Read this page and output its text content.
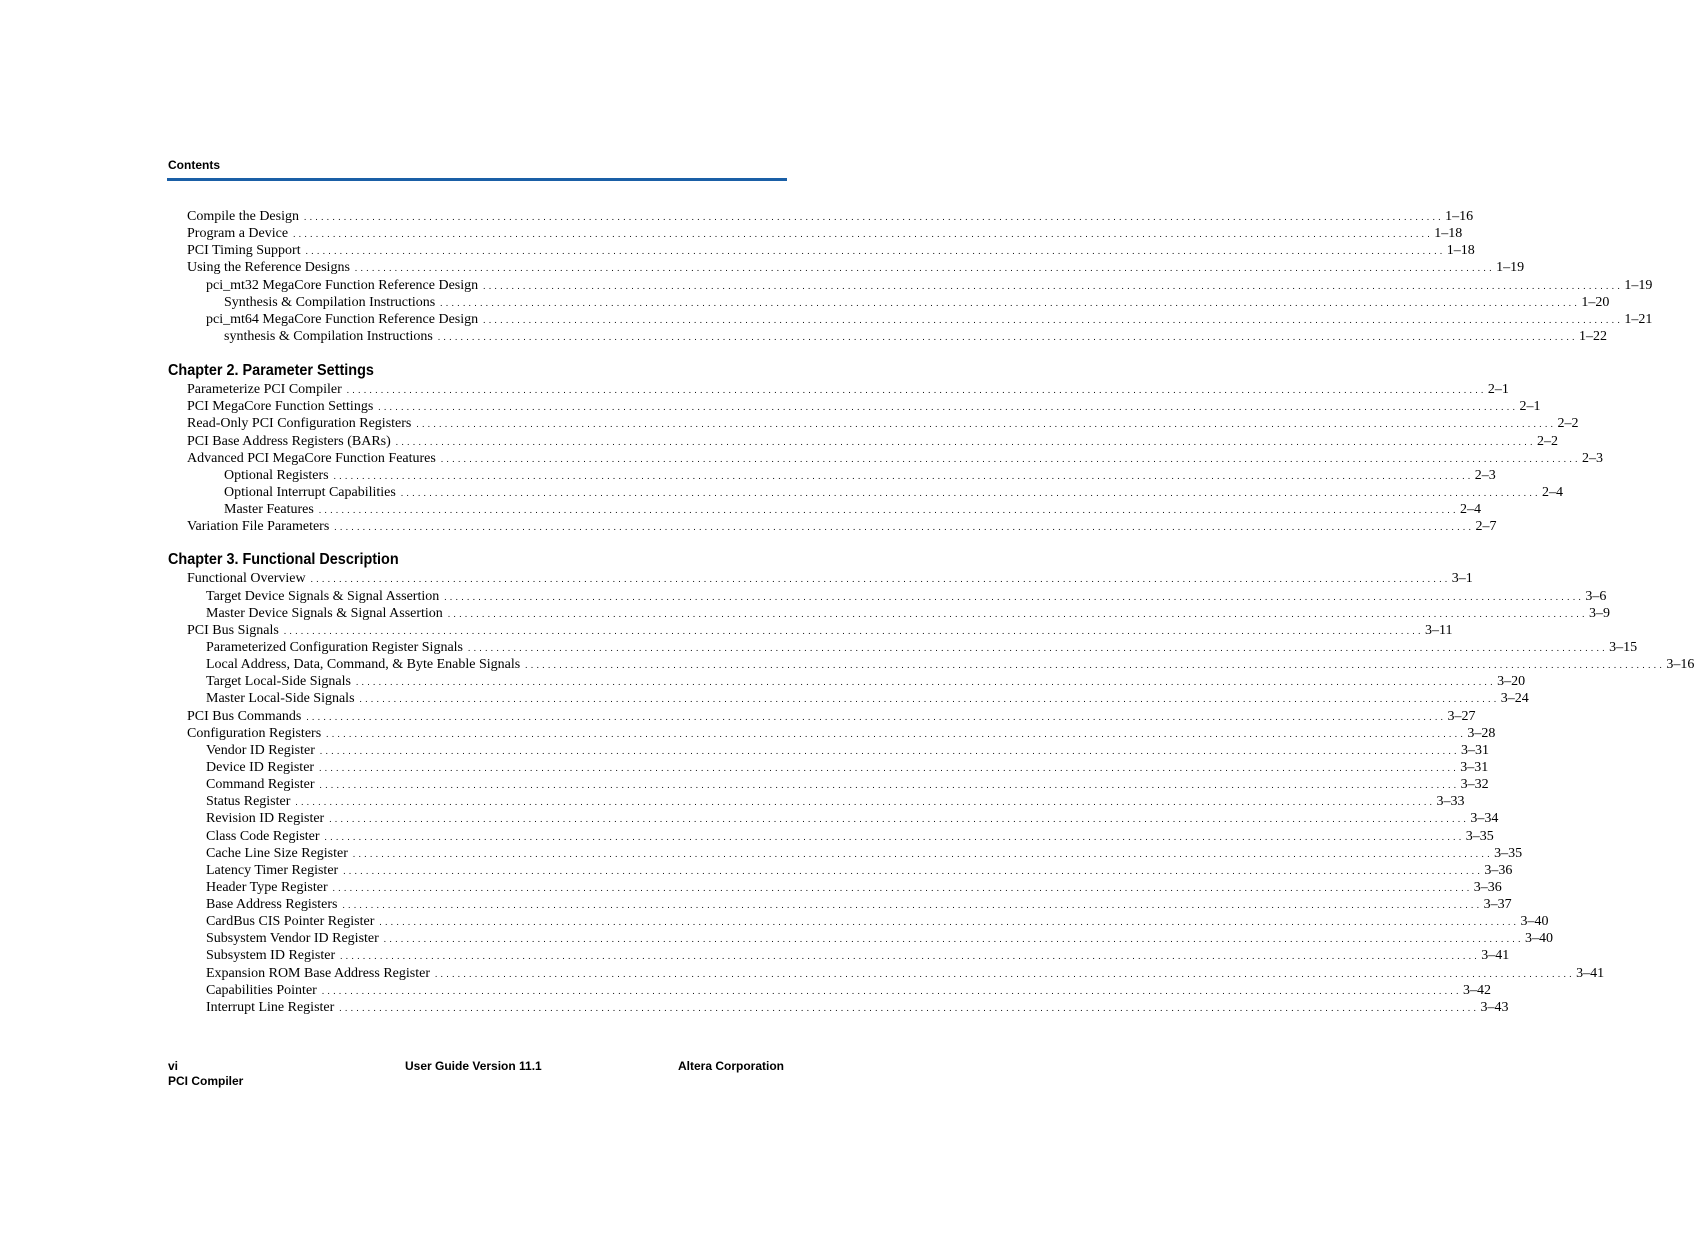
Contents
Compile the Design . . . . . . . . . . . . . . . . . . . . . . . . . . . . . . . . . . . . . . . . . . . . . . . . . . . . . . . . . . . . . . . . . . . . . . . . . . . . . . . . . . . . . . . . . . . . . . . . . . . . . . . . . . . . . . . . . . . . . . . . . . . . . . . . . . . . . . . . . . . . . . . . . . . . . . . . . . . . . . . . . . . . . . . . . . . . . . . . . . . . . . . . . . . . . . . . . . . . . . . . 1–16
Program a Device . . . . . . . . . . . . . . . . . . . . . . . . . . . . . . . . . . . . . . . . . . . . . . . . . . . . . . . . . . . . . . . . . . . . . . . . . . . . . . . . . . . . . . . . . . . . . . . . . . . . . . . . . . . . . . . . . . . . . . . . . . . . . . . . . . . . . . . . . . . . . . . . . . . . . . . . . . . . . . . . . . . . . . . . . . . . . . . . . . . . . . . . . . . . . . . . . . . . . . . . 1–18
PCI Timing Support . . . . . . . . . . . . . . . . . . . . . . . . . . . . . . . . . . . . . . . . . . . . . . . . . . . . . . . . . . . . . . . . . . . . . . . . . . . . . . . . . . . . . . . . . . . . . . . . . . . . . . . . . . . . . . . . . . . . . . . . . . . . . . . . . . . . . . . . . . . . . . . . . . . . . . . . . . . . . . . . . . . . . . . . . . . . . . . . . . . . . . . . . . . . . . . . . . . . . . . . 1–18
Using the Reference Designs . . . . . . . . . . . . . . . . . . . . . . . . . . . . . . . . . . . . . . . . . . . . . . . . . . . . . . . . . . . . . . . . . . . . . . . . . . . . . . . . . . . . . . . . . . . . . . . . . . . . . . . . . . . . . . . . . . . . . . . . . . . . . . . . . . . . . . . . . . . . . . . . . . . . . . . . . . . . . . . . . . . . . . . . . . . . . . . . . . . . . . . . . . . . . . . . . . . . . . . . 1–19
pci_mt32 MegaCore Function Reference Design . . . . . . . . . . . . . . . . . . . . . . . . . . . . . . . . . . . . . . . . . . . . . . . . . . . . . . . . . . . . . . . . . . . . . . . . . . . . . . . . . . . . . . . . . . . . . . . . . . . . . . . . . . . . . . . . . . . . . . . . . . . . . . . . . . . . . . . . . . . . . . . . . . . . . . . . . . . . . . . . . . . . . . . . . . . . . . . . . . . . . . . . . . . . . . . . . . . . . . . . 1–19
Synthesis & Compilation Instructions . . . . . . . . . . . . . . . . . . . . . . . . . . . . . . . . . . . . . . . . . . . . . . . . . . . . . . . . . . . . . . . . . . . . . . . . . . . . . . . . . . . . . . . . . . . . . . . . . . . . . . . . . . . . . . . . . . . . . . . . . . . . . . . . . . . . . . . . . . . . . . . . . . . . . . . . . . . . . . . . . . . . . . . . . . . . . . . . . . . . . . . . . . . . . . . . . . . . . . . . 1–20
pci_mt64 MegaCore Function Reference Design . . . . . . . . . . . . . . . . . . . . . . . . . . . . . . . . . . . . . . . . . . . . . . . . . . . . . . . . . . . . . . . . . . . . . . . . . . . . . . . . . . . . . . . . . . . . . . . . . . . . . . . . . . . . . . . . . . . . . . . . . . . . . . . . . . . . . . . . . . . . . . . . . . . . . . . . . . . . . . . . . . . . . . . . . . . . . . . . . . . . . . . . . . . . . . . . . . . . . . . . 1–21
synthesis & Compilation Instructions . . . . . . . . . . . . . . . . . . . . . . . . . . . . . . . . . . . . . . . . . . . . . . . . . . . . . . . . . . . . . . . . . . . . . . . . . . . . . . . . . . . . . . . . . . . . . . . . . . . . . . . . . . . . . . . . . . . . . . . . . . . . . . . . . . . . . . . . . . . . . . . . . . . . . . . . . . . . . . . . . . . . . . . . . . . . . . . . . . . . . . . . . . . . . . . . . . . . . . . . 1–22
Chapter 2. Parameter Settings
Parameterize PCI Compiler . . . . . . . . . . . . . . . . . . . . . . . . . . . . . . . . . . . . . . . . . . . . . . . . . . . . . . . . . . . . . . . . . . . . . . . . . . . . . . . . . . . . . . . . . . . . . . . . . . . . . . . . . . . . . . . . . . . . . . . . . . . . . . . . . . . . . . . . . . . . . . . . . . . . . . . . . . . . . . . . . . . . . . . . . . . . . . . . . . . . . . . . . . . . . . . . . . . . . . . . 2–1
PCI MegaCore Function Settings . . . . . . . . . . . . . . . . . . . . . . . . . . . . . . . . . . . . . . . . . . . . . . . . . . . . . . . . . . . . . . . . . . . . . . . . . . . . . . . . . . . . . . . . . . . . . . . . . . . . . . . . . . . . . . . . . . . . . . . . . . . . . . . . . . . . . . . . . . . . . . . . . . . . . . . . . . . . . . . . . . . . . . . . . . . . . . . . . . . . . . . . . . . . . . . . . . . . . . . . 2–1
Read-Only PCI Configuration Registers . . . . . . . . . . . . . . . . . . . . . . . . . . . . . . . . . . . . . . . . . . . . . . . . . . . . . . . . . . . . . . . . . . . . . . . . . . . . . . . . . . . . . . . . . . . . . . . . . . . . . . . . . . . . . . . . . . . . . . . . . . . . . . . . . . . . . . . . . . . . . . . . . . . . . . . . . . . . . . . . . . . . . . . . . . . . . . . . . . . . . . . . . . . . . . . . . . . . . . . . 2–2
PCI Base Address Registers (BARs) . . . . . . . . . . . . . . . . . . . . . . . . . . . . . . . . . . . . . . . . . . . . . . . . . . . . . . . . . . . . . . . . . . . . . . . . . . . . . . . . . . . . . . . . . . . . . . . . . . . . . . . . . . . . . . . . . . . . . . . . . . . . . . . . . . . . . . . . . . . . . . . . . . . . . . . . . . . . . . . . . . . . . . . . . . . . . . . . . . . . . . . . . . . . . . . . . . . . . . . . 2–2
Advanced PCI MegaCore Function Features . . . . . . . . . . . . . . . . . . . . . . . . . . . . . . . . . . . . . . . . . . . . . . . . . . . . . . . . . . . . . . . . . . . . . . . . . . . . . . . . . . . . . . . . . . . . . . . . . . . . . . . . . . . . . . . . . . . . . . . . . . . . . . . . . . . . . . . . . . . . . . . . . . . . . . . . . . . . . . . . . . . . . . . . . . . . . . . . . . . . . . . . . . . . . . . . . . . . . . . . 2–3
Optional Registers . . . . . . . . . . . . . . . . . . . . . . . . . . . . . . . . . . . . . . . . . . . . . . . . . . . . . . . . . . . . . . . . . . . . . . . . . . . . . . . . . . . . . . . . . . . . . . . . . . . . . . . . . . . . . . . . . . . . . . . . . . . . . . . . . . . . . . . . . . . . . . . . . . . . . . . . . . . . . . . . . . . . . . . . . . . . . . . . . . . . . . . . . . . . . . . . . . . . . . . . 2–3
Optional Interrupt Capabilities . . . . . . . . . . . . . . . . . . . . . . . . . . . . . . . . . . . . . . . . . . . . . . . . . . . . . . . . . . . . . . . . . . . . . . . . . . . . . . . . . . . . . . . . . . . . . . . . . . . . . . . . . . . . . . . . . . . . . . . . . . . . . . . . . . . . . . . . . . . . . . . . . . . . . . . . . . . . . . . . . . . . . . . . . . . . . . . . . . . . . . . . . . . . . . . . . . . . . . . . 2–4
Master Features . . . . . . . . . . . . . . . . . . . . . . . . . . . . . . . . . . . . . . . . . . . . . . . . . . . . . . . . . . . . . . . . . . . . . . . . . . . . . . . . . . . . . . . . . . . . . . . . . . . . . . . . . . . . . . . . . . . . . . . . . . . . . . . . . . . . . . . . . . . . . . . . . . . . . . . . . . . . . . . . . . . . . . . . . . . . . . . . . . . . . . . . . . . . . . . . . . . . . . . . 2–4
Variation File Parameters . . . . . . . . . . . . . . . . . . . . . . . . . . . . . . . . . . . . . . . . . . . . . . . . . . . . . . . . . . . . . . . . . . . . . . . . . . . . . . . . . . . . . . . . . . . . . . . . . . . . . . . . . . . . . . . . . . . . . . . . . . . . . . . . . . . . . . . . . . . . . . . . . . . . . . . . . . . . . . . . . . . . . . . . . . . . . . . . . . . . . . . . . . . . . . . . . . . . . . . . 2–7
Chapter 3. Functional Description
Functional Overview . . . . . . . . . . . . . . . . . . . . . . . . . . . . . . . . . . . . . . . . . . . . . . . . . . . . . . . . . . . . . . . . . . . . . . . . . . . . . . . . . . . . . . . . . . . . . . . . . . . . . . . . . . . . . . . . . . . . . . . . . . . . . . . . . . . . . . . . . . . . . . . . . . . . . . . . . . . . . . . . . . . . . . . . . . . . . . . . . . . . . . . . . . . . . . . . . . . . . . . . 3–1
Target Device Signals & Signal Assertion . . . . . . . . . . . . . . . . . . . . . . . . . . . . . . . . . . . . . . . . . . . . . . . . . . . . . . . . . . . . . . . . . . . . . . . . . . . . . . . . . . . . . . . . . . . . . . . . . . . . . . . . . . . . . . . . . . . . . . . . . . . . . . . . . . . . . . . . . . . . . . . . . . . . . . . . . . . . . . . . . . . . . . . . . . . . . . . . . . . . . . . . . . . . . . . . . . . . . . . . 3–6
Master Device Signals & Signal Assertion . . . . . . . . . . . . . . . . . . . . . . . . . . . . . . . . . . . . . . . . . . . . . . . . . . . . . . . . . . . . . . . . . . . . . . . . . . . . . . . . . . . . . . . . . . . . . . . . . . . . . . . . . . . . . . . . . . . . . . . . . . . . . . . . . . . . . . . . . . . . . . . . . . . . . . . . . . . . . . . . . . . . . . . . . . . . . . . . . . . . . . . . . . . . . . . . . . . . . . . . 3–9
PCI Bus Signals . . . . . . . . . . . . . . . . . . . . . . . . . . . . . . . . . . . . . . . . . . . . . . . . . . . . . . . . . . . . . . . . . . . . . . . . . . . . . . . . . . . . . . . . . . . . . . . . . . . . . . . . . . . . . . . . . . . . . . . . . . . . . . . . . . . . . . . . . . . . . . . . . . . . . . . . . . . . . . . . . . . . . . . . . . . . . . . . . . . . . . . . . . . . . . . . . . . . . . . . 3–11
Parameterized Configuration Register Signals . . . . . . . . . . . . . . . . . . . . . . . . . . . . . . . . . . . . . . . . . . . . . . . . . . . . . . . . . . . . . . . . . . . . . . . . . . . . . . . . . . . . . . . . . . . . . . . . . . . . . . . . . . . . . . . . . . . . . . . . . . . . . . . . . . . . . . . . . . . . . . . . . . . . . . . . . . . . . . . . . . . . . . . . . . . . . . . . . . . . . . . . . . . . . . . . . . . . . . . . 3–15
Local Address, Data, Command, & Byte Enable Signals . . . . . . . . . . . . . . . . . . . . . . . . . . . . . . . . . . . . . . . . . . . . . . . . . . . . . . . . . . . . . . . . . . . . . . . . . . . . . . . . . . . . . . . . . . . . . . . . . . . . . . . . . . . . . . . . . . . . . . . . . . . . . . . . . . . . . . . . . . . . . . . . . . . . . . . . . . . . . . . . . . . . . . . . . . . . . . . . . . . . . . . . . . . . . . . . . . . . . . . . 3–16
Target Local-Side Signals . . . . . . . . . . . . . . . . . . . . . . . . . . . . . . . . . . . . . . . . . . . . . . . . . . . . . . . . . . . . . . . . . . . . . . . . . . . . . . . . . . . . . . . . . . . . . . . . . . . . . . . . . . . . . . . . . . . . . . . . . . . . . . . . . . . . . . . . . . . . . . . . . . . . . . . . . . . . . . . . . . . . . . . . . . . . . . . . . . . . . . . . . . . . . . . . . . . . . . . . 3–20
Master Local-Side Signals . . . . . . . . . . . . . . . . . . . . . . . . . . . . . . . . . . . . . . . . . . . . . . . . . . . . . . . . . . . . . . . . . . . . . . . . . . . . . . . . . . . . . . . . . . . . . . . . . . . . . . . . . . . . . . . . . . . . . . . . . . . . . . . . . . . . . . . . . . . . . . . . . . . . . . . . . . . . . . . . . . . . . . . . . . . . . . . . . . . . . . . . . . . . . . . . . . . . . . . . 3–24
PCI Bus Commands . . . . . . . . . . . . . . . . . . . . . . . . . . . . . . . . . . . . . . . . . . . . . . . . . . . . . . . . . . . . . . . . . . . . . . . . . . . . . . . . . . . . . . . . . . . . . . . . . . . . . . . . . . . . . . . . . . . . . . . . . . . . . . . . . . . . . . . . . . . . . . . . . . . . . . . . . . . . . . . . . . . . . . . . . . . . . . . . . . . . . . . . . . . . . . . . . . . . . . . . 3–27
Configuration Registers . . . . . . . . . . . . . . . . . . . . . . . . . . . . . . . . . . . . . . . . . . . . . . . . . . . . . . . . . . . . . . . . . . . . . . . . . . . . . . . . . . . . . . . . . . . . . . . . . . . . . . . . . . . . . . . . . . . . . . . . . . . . . . . . . . . . . . . . . . . . . . . . . . . . . . . . . . . . . . . . . . . . . . . . . . . . . . . . . . . . . . . . . . . . . . . . . . . . . . . . 3–28
Vendor ID Register . . . . . . . . . . . . . . . . . . . . . . . . . . . . . . . . . . . . . . . . . . . . . . . . . . . . . . . . . . . . . . . . . . . . . . . . . . . . . . . . . . . . . . . . . . . . . . . . . . . . . . . . . . . . . . . . . . . . . . . . . . . . . . . . . . . . . . . . . . . . . . . . . . . . . . . . . . . . . . . . . . . . . . . . . . . . . . . . . . . . . . . . . . . . . . . . . . . . . . . . 3–31
Device ID Register . . . . . . . . . . . . . . . . . . . . . . . . . . . . . . . . . . . . . . . . . . . . . . . . . . . . . . . . . . . . . . . . . . . . . . . . . . . . . . . . . . . . . . . . . . . . . . . . . . . . . . . . . . . . . . . . . . . . . . . . . . . . . . . . . . . . . . . . . . . . . . . . . . . . . . . . . . . . . . . . . . . . . . . . . . . . . . . . . . . . . . . . . . . . . . . . . . . . . . . . 3–31
Command Register . . . . . . . . . . . . . . . . . . . . . . . . . . . . . . . . . . . . . . . . . . . . . . . . . . . . . . . . . . . . . . . . . . . . . . . . . . . . . . . . . . . . . . . . . . . . . . . . . . . . . . . . . . . . . . . . . . . . . . . . . . . . . . . . . . . . . . . . . . . . . . . . . . . . . . . . . . . . . . . . . . . . . . . . . . . . . . . . . . . . . . . . . . . . . . . . . . . . . . . . 3–32
Status Register . . . . . . . . . . . . . . . . . . . . . . . . . . . . . . . . . . . . . . . . . . . . . . . . . . . . . . . . . . . . . . . . . . . . . . . . . . . . . . . . . . . . . . . . . . . . . . . . . . . . . . . . . . . . . . . . . . . . . . . . . . . . . . . . . . . . . . . . . . . . . . . . . . . . . . . . . . . . . . . . . . . . . . . . . . . . . . . . . . . . . . . . . . . . . . . . . . . . . . . . 3–33
Revision ID Register . . . . . . . . . . . . . . . . . . . . . . . . . . . . . . . . . . . . . . . . . . . . . . . . . . . . . . . . . . . . . . . . . . . . . . . . . . . . . . . . . . . . . . . . . . . . . . . . . . . . . . . . . . . . . . . . . . . . . . . . . . . . . . . . . . . . . . . . . . . . . . . . . . . . . . . . . . . . . . . . . . . . . . . . . . . . . . . . . . . . . . . . . . . . . . . . . . . . . . . . 3–34
Class Code Register . . . . . . . . . . . . . . . . . . . . . . . . . . . . . . . . . . . . . . . . . . . . . . . . . . . . . . . . . . . . . . . . . . . . . . . . . . . . . . . . . . . . . . . . . . . . . . . . . . . . . . . . . . . . . . . . . . . . . . . . . . . . . . . . . . . . . . . . . . . . . . . . . . . . . . . . . . . . . . . . . . . . . . . . . . . . . . . . . . . . . . . . . . . . . . . . . . . . . . . . 3–35
Cache Line Size Register . . . . . . . . . . . . . . . . . . . . . . . . . . . . . . . . . . . . . . . . . . . . . . . . . . . . . . . . . . . . . . . . . . . . . . . . . . . . . . . . . . . . . . . . . . . . . . . . . . . . . . . . . . . . . . . . . . . . . . . . . . . . . . . . . . . . . . . . . . . . . . . . . . . . . . . . . . . . . . . . . . . . . . . . . . . . . . . . . . . . . . . . . . . . . . . . . . . . . . . . 3–35
Latency Timer Register . . . . . . . . . . . . . . . . . . . . . . . . . . . . . . . . . . . . . . . . . . . . . . . . . . . . . . . . . . . . . . . . . . . . . . . . . . . . . . . . . . . . . . . . . . . . . . . . . . . . . . . . . . . . . . . . . . . . . . . . . . . . . . . . . . . . . . . . . . . . . . . . . . . . . . . . . . . . . . . . . . . . . . . . . . . . . . . . . . . . . . . . . . . . . . . . . . . . . . . . 3–36
Header Type Register . . . . . . . . . . . . . . . . . . . . . . . . . . . . . . . . . . . . . . . . . . . . . . . . . . . . . . . . . . . . . . . . . . . . . . . . . . . . . . . . . . . . . . . . . . . . . . . . . . . . . . . . . . . . . . . . . . . . . . . . . . . . . . . . . . . . . . . . . . . . . . . . . . . . . . . . . . . . . . . . . . . . . . . . . . . . . . . . . . . . . . . . . . . . . . . . . . . . . . . . 3–36
Base Address Registers . . . . . . . . . . . . . . . . . . . . . . . . . . . . . . . . . . . . . . . . . . . . . . . . . . . . . . . . . . . . . . . . . . . . . . . . . . . . . . . . . . . . . . . . . . . . . . . . . . . . . . . . . . . . . . . . . . . . . . . . . . . . . . . . . . . . . . . . . . . . . . . . . . . . . . . . . . . . . . . . . . . . . . . . . . . . . . . . . . . . . . . . . . . . . . . . . . . . . . . . 3–37
CardBus CIS Pointer Register . . . . . . . . . . . . . . . . . . . . . . . . . . . . . . . . . . . . . . . . . . . . . . . . . . . . . . . . . . . . . . . . . . . . . . . . . . . . . . . . . . . . . . . . . . . . . . . . . . . . . . . . . . . . . . . . . . . . . . . . . . . . . . . . . . . . . . . . . . . . . . . . . . . . . . . . . . . . . . . . . . . . . . . . . . . . . . . . . . . . . . . . . . . . . . . . . . . . . . . . 3–40
Subsystem Vendor ID Register . . . . . . . . . . . . . . . . . . . . . . . . . . . . . . . . . . . . . . . . . . . . . . . . . . . . . . . . . . . . . . . . . . . . . . . . . . . . . . . . . . . . . . . . . . . . . . . . . . . . . . . . . . . . . . . . . . . . . . . . . . . . . . . . . . . . . . . . . . . . . . . . . . . . . . . . . . . . . . . . . . . . . . . . . . . . . . . . . . . . . . . . . . . . . . . . . . . . . . . . 3–40
Subsystem ID Register . . . . . . . . . . . . . . . . . . . . . . . . . . . . . . . . . . . . . . . . . . . . . . . . . . . . . . . . . . . . . . . . . . . . . . . . . . . . . . . . . . . . . . . . . . . . . . . . . . . . . . . . . . . . . . . . . . . . . . . . . . . . . . . . . . . . . . . . . . . . . . . . . . . . . . . . . . . . . . . . . . . . . . . . . . . . . . . . . . . . . . . . . . . . . . . . . . . . . . . . 3–41
Expansion ROM Base Address Register . . . . . . . . . . . . . . . . . . . . . . . . . . . . . . . . . . . . . . . . . . . . . . . . . . . . . . . . . . . . . . . . . . . . . . . . . . . . . . . . . . . . . . . . . . . . . . . . . . . . . . . . . . . . . . . . . . . . . . . . . . . . . . . . . . . . . . . . . . . . . . . . . . . . . . . . . . . . . . . . . . . . . . . . . . . . . . . . . . . . . . . . . . . . . . . . . . . . . . . . 3–41
Capabilities Pointer . . . . . . . . . . . . . . . . . . . . . . . . . . . . . . . . . . . . . . . . . . . . . . . . . . . . . . . . . . . . . . . . . . . . . . . . . . . . . . . . . . . . . . . . . . . . . . . . . . . . . . . . . . . . . . . . . . . . . . . . . . . . . . . . . . . . . . . . . . . . . . . . . . . . . . . . . . . . . . . . . . . . . . . . . . . . . . . . . . . . . . . . . . . . . . . . . . . . . . . . 3–42
Interrupt Line Register . . . . . . . . . . . . . . . . . . . . . . . . . . . . . . . . . . . . . . . . . . . . . . . . . . . . . . . . . . . . . . . . . . . . . . . . . . . . . . . . . . . . . . . . . . . . . . . . . . . . . . . . . . . . . . . . . . . . . . . . . . . . . . . . . . . . . . . . . . . . . . . . . . . . . . . . . . . . . . . . . . . . . . . . . . . . . . . . . . . . . . . . . . . . . . . . . . . . . . . . 3–43
vi
PCI Compiler
User Guide Version 11.1	Altera Corporation
